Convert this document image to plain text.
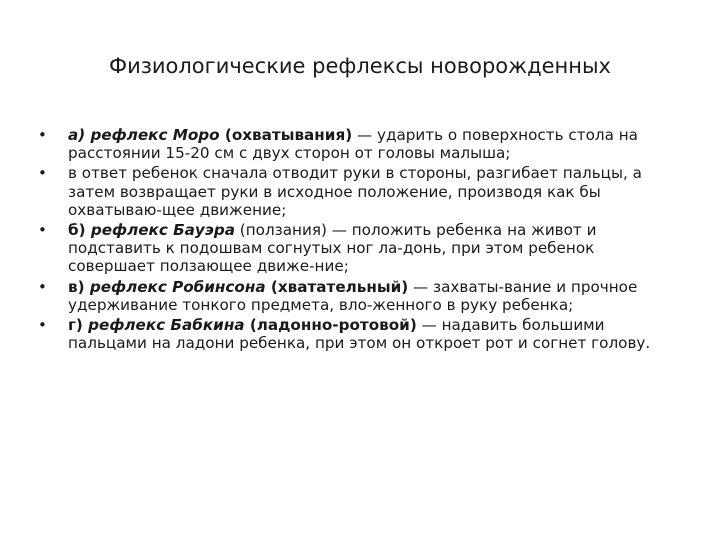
Физиологические рефлексы новорожденных
• а) рефлекс Моро (охватывания) — ударить о поверхность стола на расстоянии 15-20 см с двух сторон от головы малыша;
• в ответ ребенок сначала отводит руки в стороны, разгибает пальцы, а затем возвращает руки в исходное положение, производя как бы охватываю-щее движение;
• б) рефлекс Бауэра (ползания) — положить ребенка на живот и подставить к подошвам согнутых ног ла-донь, при этом ребенок совершает ползающее движе-ние;
• в) рефлекс Робинсона (хватательный) — захваты-вание и прочное удерживание тонкого предмета, вло-женного в руку ребенка;
• г) рефлекс Бабкина (ладонно-ротовой) — надавить большими пальцами на ладони ребенка, при этом он откроет рот и согнет голову.
